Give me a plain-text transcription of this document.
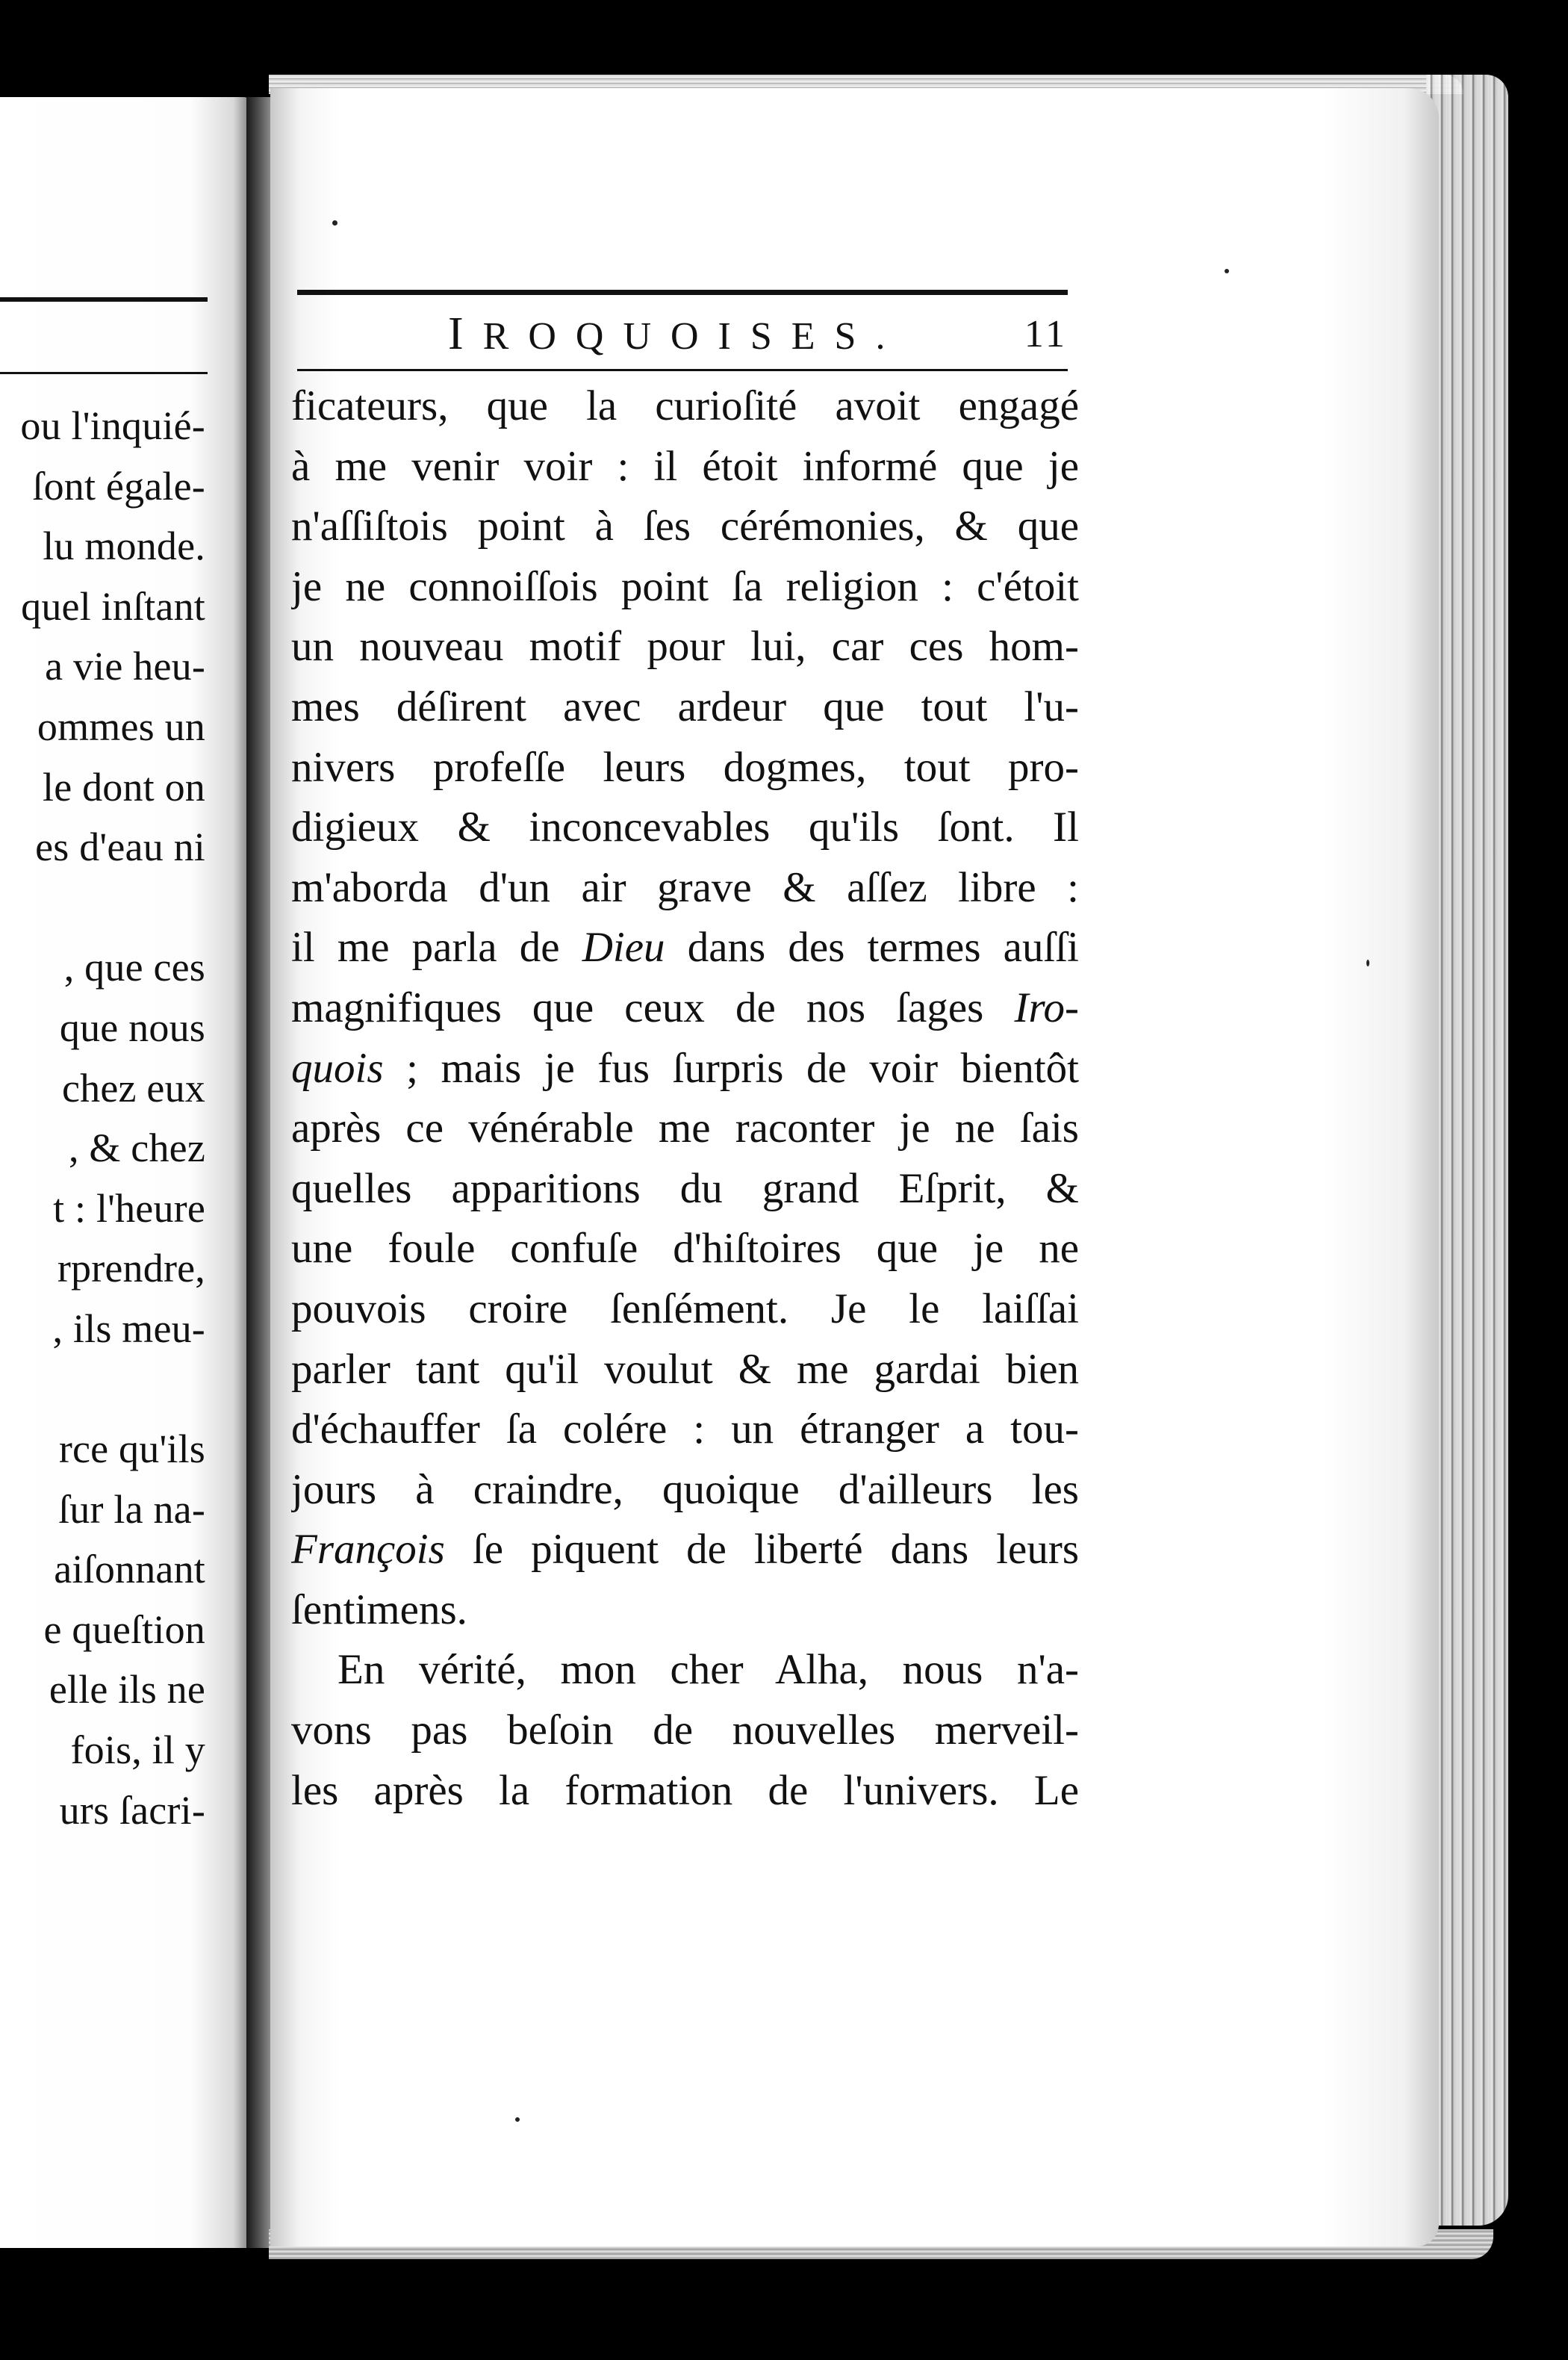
ou l'inquié-
ſont égale-
lu monde.
quel inſtant
a vie heu-
ommes un
le dont on
es d'eau ni
, que ces
que nous
chez eux
, & chez
t : l'heure
rprendre,
, ils meu-
rce qu'ils
ſur la na-
aiſonnant
e queſtion
elle ils ne
fois, il y
urs ſacri-
IROQUOISES.	11
ficateurs, que la curioſité avoit engagé
à me venir voir : il étoit informé que je
n'aſſiſtois point à ſes cérémonies, & que
je ne connoiſſois point ſa religion : c'étoit
un nouveau motif pour lui, car ces hom-
mes déſirent avec ardeur que tout l'u-
nivers profeſſe leurs dogmes, tout pro-
digieux & inconcevables qu'ils ſont. Il
m'aborda d'un air grave & aſſez libre :
il me parla de Dieu dans des termes auſſi
magnifiques que ceux de nos ſages Iro-
quois ; mais je fus ſurpris de voir bientôt
après ce vénérable me raconter je ne ſais
quelles apparitions du grand Eſprit, &
une foule confuſe d'hiſtoires que je ne
pouvois croire ſenſément. Je le laiſſai
parler tant qu'il voulut & me gardai bien
d'échauffer ſa colére : un étranger a tou-
jours à craindre, quoique d'ailleurs les
François ſe piquent de liberté dans leurs
ſentimens.
En vérité, mon cher Alha, nous n'a-
vons pas beſoin de nouvelles merveil-
les après la formation de l'univers. Le
